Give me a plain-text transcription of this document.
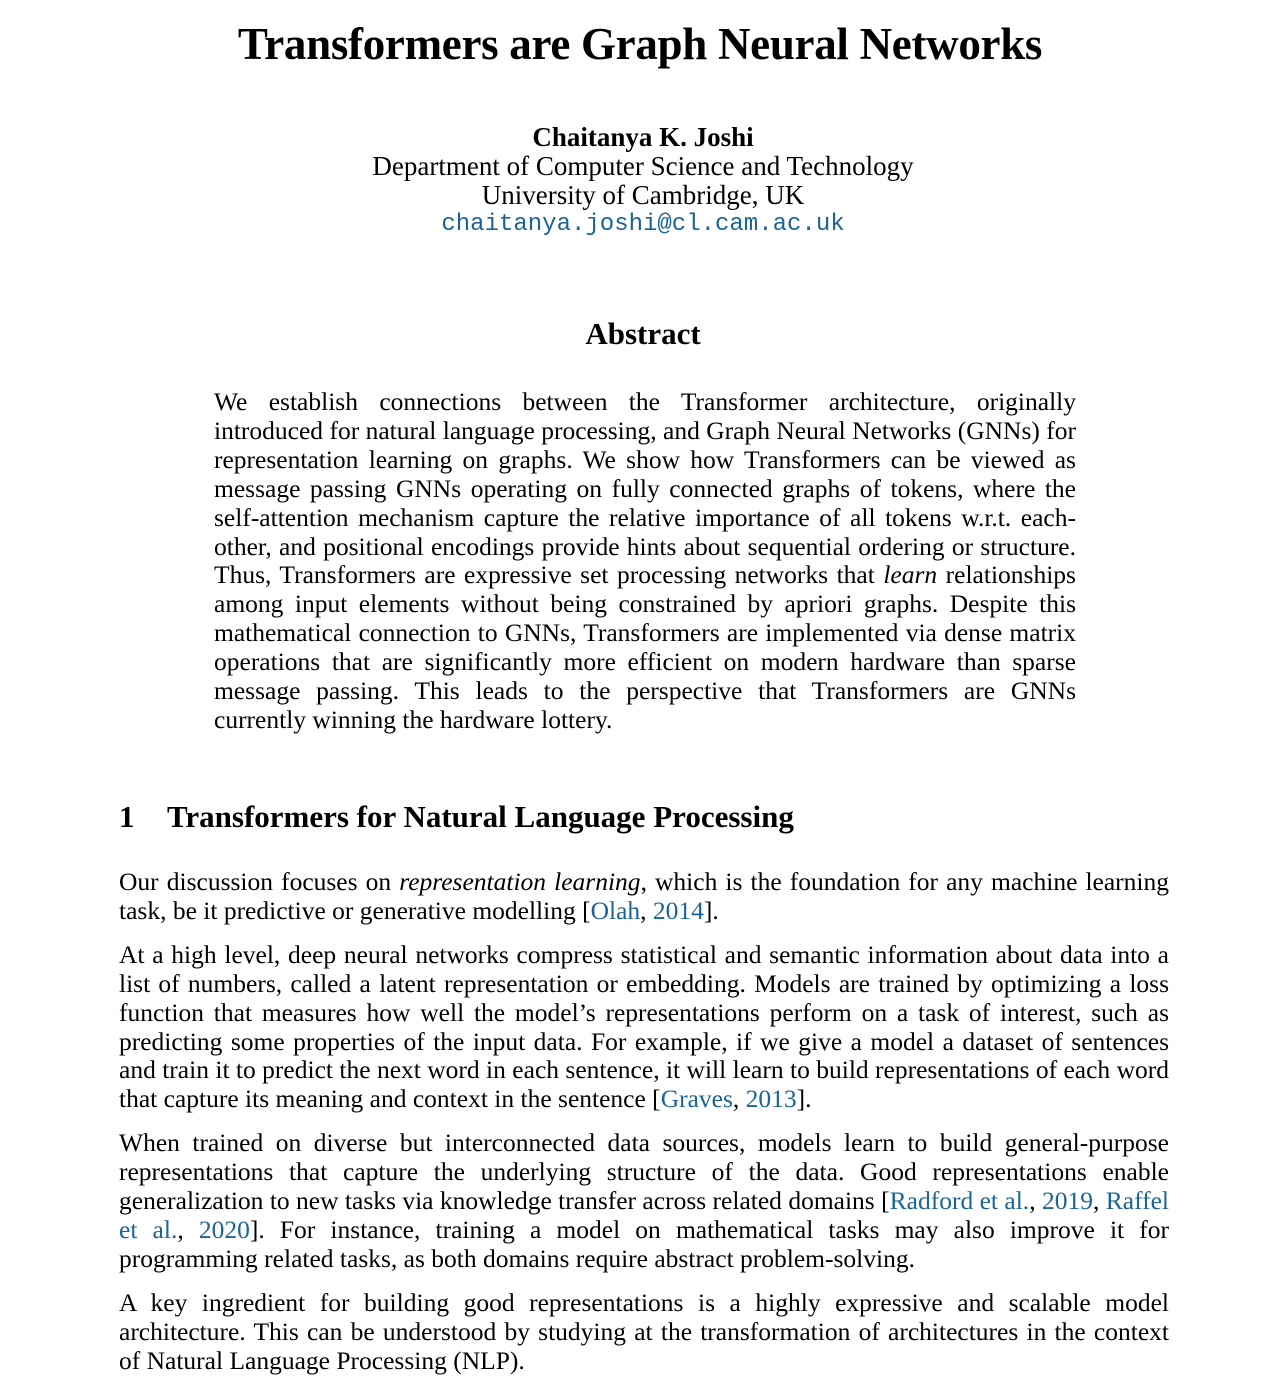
Transformers are Graph Neural Networks
Chaitanya K. Joshi
Department of Computer Science and Technology
University of Cambridge, UK
chaitanya.joshi@cl.cam.ac.uk
Abstract
We establish connections between the Transformer architecture, originally introduced for natural language processing, and Graph Neural Networks (GNNs) for representation learning on graphs. We show how Transformers can be viewed as message passing GNNs operating on fully connected graphs of tokens, where the self-attention mechanism capture the relative importance of all tokens w.r.t. each-other, and positional encodings provide hints about sequential ordering or structure. Thus, Transformers are expressive set processing networks that learn relationships among input elements without being constrained by apriori graphs. Despite this mathematical connection to GNNs, Transformers are implemented via dense matrix operations that are significantly more efficient on modern hardware than sparse message passing. This leads to the perspective that Transformers are GNNs currently winning the hardware lottery.
1 Transformers for Natural Language Processing

Our discussion focuses on representation learning, which is the foundation for any machine learning task, be it predictive or generative modelling [Olah, 2014].

At a high level, deep neural networks compress statistical and semantic information about data into a list of numbers, called a latent representation or embedding. Models are trained by optimizing a loss function that measures how well the model’s representations perform on a task of interest, such as predicting some properties of the input data. For example, if we give a model a dataset of sentences and train it to predict the next word in each sentence, it will learn to build representations of each word that capture its meaning and context in the sentence [Graves, 2013].

When trained on diverse but interconnected data sources, models learn to build general-purpose representations that capture the underlying structure of the data. Good representations enable generalization to new tasks via knowledge transfer across related domains [Radford et al., 2019, Raffel et al., 2020]. For instance, training a model on mathematical tasks may also improve it for programming related tasks, as both domains require abstract problem-solving.

A key ingredient for building good representations is a highly expressive and scalable model architecture. This can be understood by studying at the transformation of architectures in the context of Natural Language Processing (NLP).
